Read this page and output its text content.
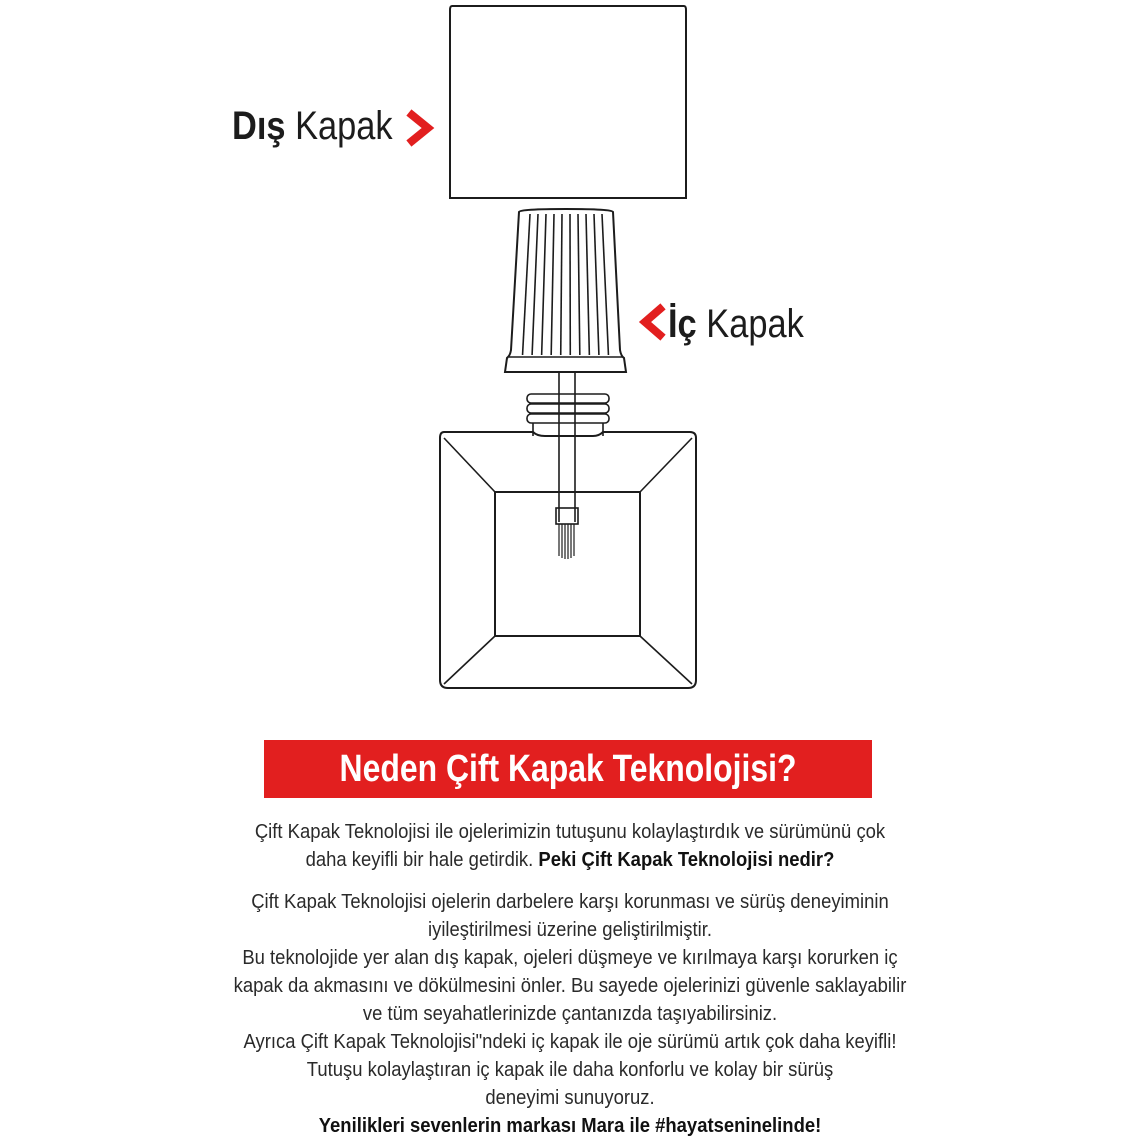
Dış Kapak
İç Kapak
Neden Çift Kapak Teknolojisi?
Çift Kapak Teknolojisi ile ojelerimizin tutuşunu kolaylaştırdık ve sürümünü çok
daha keyifli bir hale getirdik. Peki Çift Kapak Teknolojisi nedir?
Çift Kapak Teknolojisi ojelerin darbelere karşı korunması ve sürüş deneyiminin
iyileştirilmesi üzerine geliştirilmiştir.
Bu teknolojide yer alan dış kapak, ojeleri düşmeye ve kırılmaya karşı korurken iç
kapak da akmasını ve dökülmesini önler. Bu sayede ojelerinizi güvenle saklayabilir
ve tüm seyahatlerinizde çantanızda taşıyabilirsiniz.
Ayrıca Çift Kapak Teknolojisi"ndeki iç kapak ile oje sürümü artık çok daha keyifli!
Tutuşu kolaylaştıran iç kapak ile daha konforlu ve kolay bir sürüş
deneyimi sunuyoruz.
Yenilikleri sevenlerin markası Mara ile #hayatseninelinde!
